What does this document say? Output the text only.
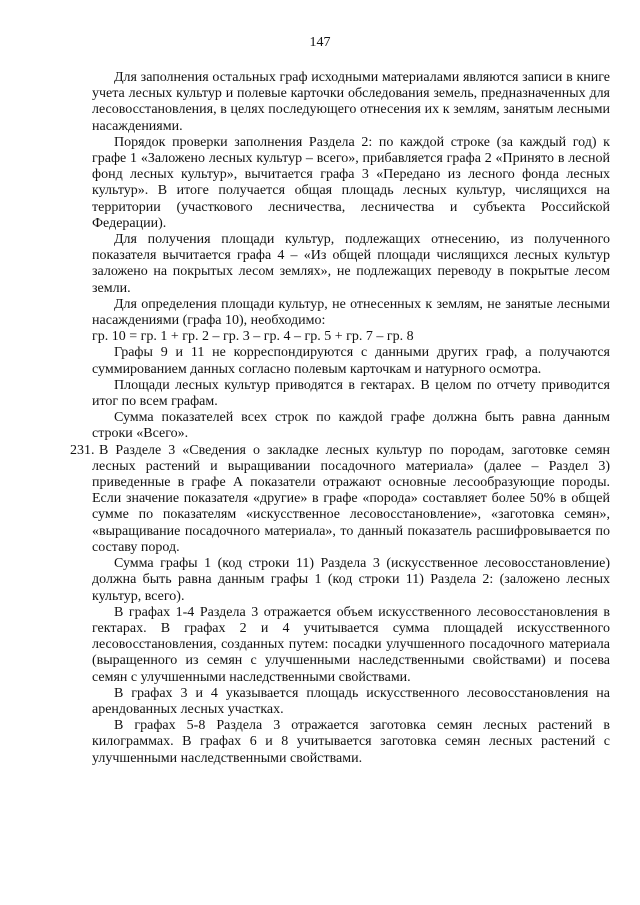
147

Для заполнения остальных граф исходными материалами являются записи в книге учета лесных культур и полевые карточки обследования земель, предназначенных для лесовосстановления, в целях последующего отнесения их к землям, занятым лесными насаждениями.

Порядок проверки заполнения Раздела 2: по каждой строке (за каждый год) к графе 1 «Заложено лесных культур – всего», прибавляется графа 2 «Принято в лесной фонд лесных культур», вычитается графа 3 «Передано из лесного фонда лесных культур». В итоге получается общая площадь лесных культур, числящихся на территории (участкового лесничества, лесничества и субъекта Российской Федерации).

Для получения площади культур, подлежащих отнесению, из полученного показателя вычитается графа 4 – «Из общей площади числящихся лесных культур заложено на покрытых лесом землях», не подлежащих переводу в покрытые лесом земли.

Для определения площади культур, не отнесенных к землям, не занятые лесными насаждениями (графа 10), необходимо:

гр. 10 = гр. 1 + гр. 2 – гр. 3 – гр. 4 – гр. 5 + гр. 7 – гр. 8

Графы 9 и 11 не корреспондируются с данными других граф, а получаются суммированием данных согласно полевым карточкам и натурного осмотра.

Площади лесных культур приводятся в гектарах. В целом по отчету приводится итог по всем графам.

Сумма показателей всех строк по каждой графе должна быть равна данным строки «Всего».

231. В Разделе 3 «Сведения о закладке лесных культур по породам, заготовке семян лесных растений и выращивании посадочного материала» (далее – Раздел 3) приведенные в графе А показатели отражают основные лесообразующие породы. Если значение показателя «другие» в графе «порода» составляет более 50% в общей сумме по показателям «искусственное лесовосстановление», «заготовка семян», «выращивание посадочного материала», то данный показатель расшифровывается по составу пород.

Сумма графы 1 (код строки 11) Раздела 3 (искусственное лесовосстановление) должна быть равна данным графы 1 (код строки 11) Раздела 2: (заложено лесных культур, всего).

В графах 1-4 Раздела 3 отражается объем искусственного лесовосстановления в гектарах. В графах 2 и 4 учитывается сумма площадей искусственного лесовосстановления, созданных путем: посадки улучшенного посадочного материала (выращенного из семян с улучшенными наследственными свойствами) и посева семян с улучшенными наследственными свойствами.

В графах 3 и 4 указывается площадь искусственного лесовосстановления на арендованных лесных участках.

В графах 5-8 Раздела 3 отражается заготовка семян лесных растений в килограммах. В графах 6 и 8 учитывается заготовка семян лесных растений с улучшенными наследственными свойствами.
